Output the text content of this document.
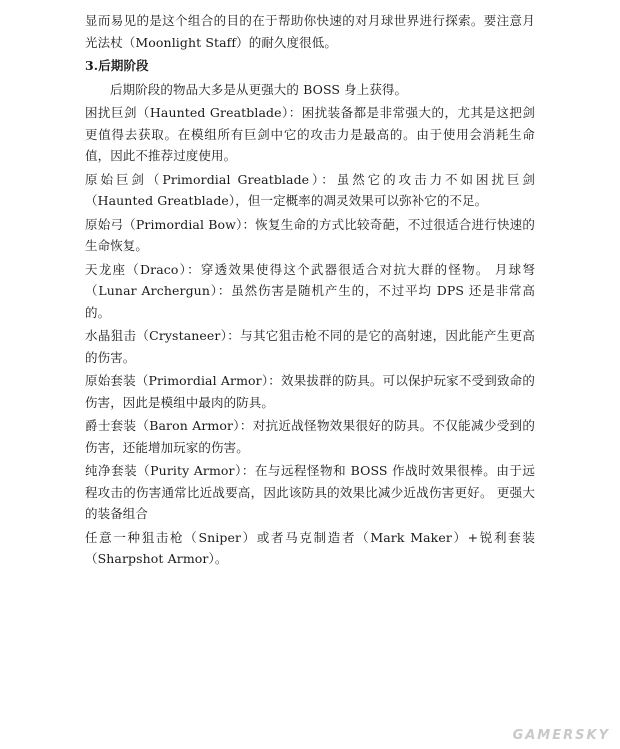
显而易见的是这个组合的目的在于帮助你快速的对月球世界进行探索。要注意月光法杖（Moonlight Staff）的耐久度很低。

3.后期阶段

后期阶段的物品大多是从更强大的 BOSS 身上获得。

困扰巨剑（Haunted Greatblade）：困扰装备都是非常强大的，尤其是这把剑更值得去获取。在模组所有巨剑中它的攻击力是最高的。由于使用会消耗生命值，因此不推荐过度使用。

原始巨剑（Primordial Greatblade）：虽然它的攻击力不如困扰巨剑（Haunted Greatblade），但一定概率的凋灵效果可以弥补它的不足。

原始弓（Primordial Bow）：恢复生命的方式比较奇葩，不过很适合进行快速的生命恢复。

天龙座（Draco）：穿透效果使得这个武器很适合对抗大群的怪物。 月球弩（Lunar Archergun）：虽然伤害是随机产生的，不过平均 DPS 还是非常高 的。

水晶狙击（Crystaneer）：与其它狙击枪不同的是它的高射速，因此能产生更高的伤害。

原始套装（Primordial Armor）：效果拔群的防具。可以保护玩家不受到致命的伤害，因此是模组中最肉的防具。

爵士套装（Baron Armor）：对抗近战怪物效果很好的防具。不仅能减少受到的伤害，还能增加玩家的伤害。

纯净套装（Purity Armor）：在与远程怪物和 BOSS 作战时效果很棒。由于远程攻击的伤害通常比近战要高，因此该防具的效果比减少近战伤害更好。 更强大的装备组合

任意一种狙击枪（Sniper）或者马克制造者（Mark Maker）+锐利套装（Sharpshot Armor）。

GAMERSKY
